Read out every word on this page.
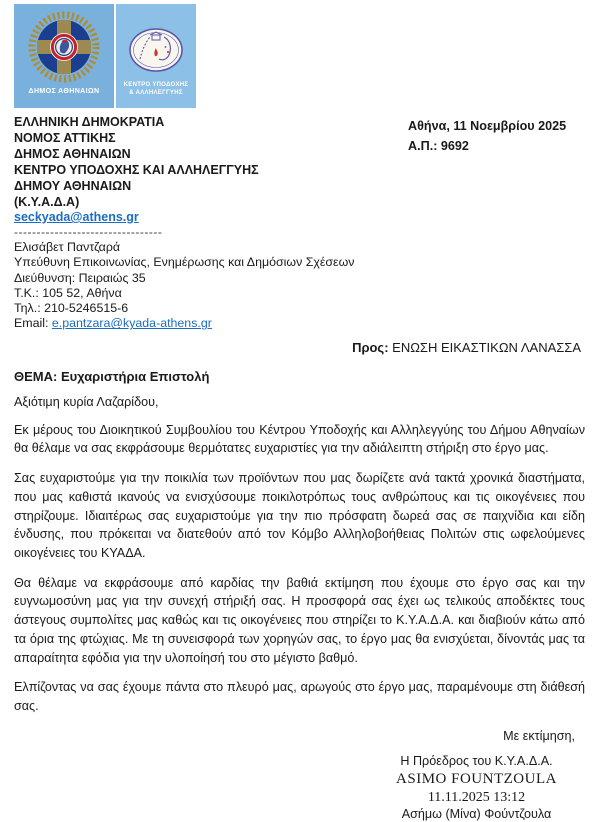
ΔΗΜΟΣ ΑΘΗΝΑΙΩΝ
ΚΕΝΤΡΟ ΥΠΟΔΟΧΗΣ
& ΑΛΛΗΛΕΓΓΥΗΣ
Αθήνα, 11 Νοεμβρίου 2025
Α.Π.: 9692
ΕΛΛΗΝΙΚΗ ΔΗΜΟΚΡΑΤΙΑ
ΝΟΜΟΣ ΑΤΤΙΚΗΣ
ΔΗΜΟΣ ΑΘΗΝΑΙΩΝ
ΚΕΝΤΡΟ ΥΠΟΔΟΧΗΣ ΚΑΙ ΑΛΛΗΛΕΓΓΥΗΣ
ΔΗΜΟΥ ΑΘΗΝΑΙΩΝ
(Κ.Υ.Α.Δ.Α)
seckyada@athens.gr
---------------------------------
Ελισάβετ Παντζαρά
Υπεύθυνη Επικοινωνίας, Ενημέρωσης και Δημόσιων Σχέσεων
Διεύθυνση: Πειραιώς 35
Τ.Κ.: 105 52, Αθήνα
Τηλ.: 210-5246515-6
Email: e.pantzara@kyada-athens.gr
Προς: ΕΝΩΣΗ ΕΙΚΑΣΤΙΚΩΝ ΛΑΝΑΣΣΑ
ΘΕΜΑ: Ευχαριστήρια Επιστολή
Αξιότιμη κυρία Λαζαρίδου,
Εκ μέρους του Διοικητικού Συμβουλίου του Κέντρου Υποδοχής και Αλληλεγγύης του Δήμου Αθηναίων θα θέλαμε να σας εκφράσουμε θερμότατες ευχαριστίες για την αδιάλειπτη στήριξη στο έργο μας.
Σας ευχαριστούμε για την ποικιλία των προϊόντων που μας δωρίζετε ανά τακτά χρονικά διαστήματα, που μας καθιστά ικανούς να ενισχύσουμε ποικιλοτρόπως τους ανθρώπους και τις οικογένειες που στηρίζουμε. Ιδιαιτέρως σας ευχαριστούμε για την πιο πρόσφατη δωρεά σας σε παιχνίδια και είδη ένδυσης, που πρόκειται να διατεθούν από τον Κόμβο Αλληλοβοήθειας Πολιτών στις ωφελούμενες οικογένειες του ΚΥΑΔΑ.
Θα θέλαμε να εκφράσουμε από καρδίας την βαθιά εκτίμηση που έχουμε στο έργο σας και την ευγνωμοσύνη μας για την συνεχή στήριξή σας. Η προσφορά σας έχει ως τελικούς αποδέκτες τους άστεγους συμπολίτες μας καθώς και τις οικογένειες που στηρίζει το Κ.Υ.Α.Δ.Α. και διαβιούν κάτω από τα όρια της φτώχιας. Με τη συνεισφορά των χορηγών σας, το έργο μας θα ενισχύεται, δίνοντάς μας τα απαραίτητα εφόδια για την υλοποίησή του στο μέγιστο βαθμό.
Ελπίζοντας να σας έχουμε πάντα στο πλευρό μας, αρωγούς στο έργο μας, παραμένουμε στη διάθεσή σας.
Με εκτίμηση,
Η Πρόεδρος του Κ.Υ.Α.Δ.Α.
ASIMO FOUNTZOULA
11.11.2025 13:12
Ασήμω (Μίνα) Φούντζουλα
